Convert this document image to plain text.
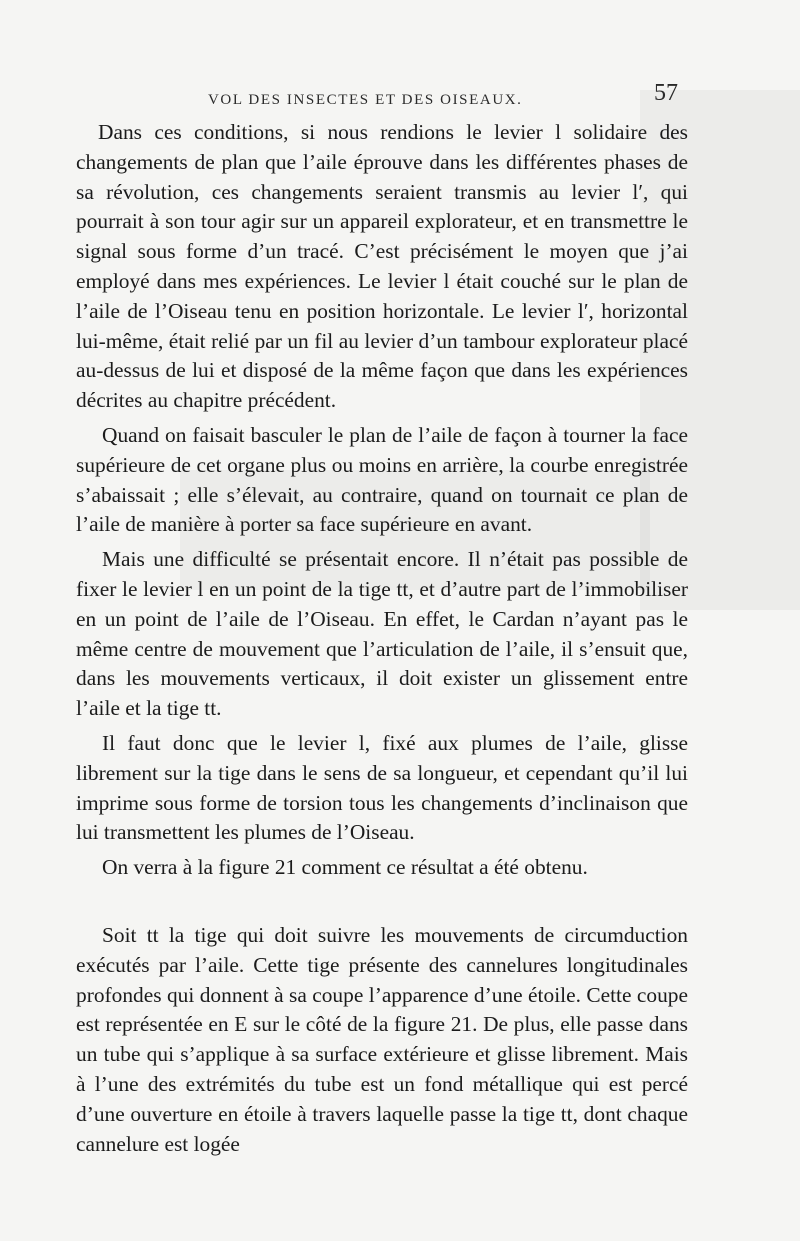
VOL DES INSECTES ET DES OISEAUX.	57

Dans ces conditions, si nous rendions le levier l solidaire des changements de plan que l’aile éprouve dans les différentes phases de sa révolution, ces changements seraient transmis au levier l′, qui pourrait à son tour agir sur un appareil explorateur, et en transmettre le signal sous forme d’un tracé. C’est précisément le moyen que j’ai employé dans mes expériences. Le levier l était couché sur le plan de l’aile de l’Oiseau tenu en position horizontale. Le levier l′, horizontal lui-même, était relié par un fil au levier d’un tambour explorateur placé au-dessus de lui et disposé de la même façon que dans les expériences décrites au chapitre précédent.

Quand on faisait basculer le plan de l’aile de façon à tourner la face supérieure de cet organe plus ou moins en arrière, la courbe enregistrée s’abaissait ; elle s’élevait, au contraire, quand on tournait ce plan de l’aile de manière à porter sa face supérieure en avant.

Mais une difficulté se présentait encore. Il n’était pas possible de fixer le levier l en un point de la tige tt, et d’autre part de l’immobiliser en un point de l’aile de l’Oiseau. En effet, le Cardan n’ayant pas le même centre de mouvement que l’articulation de l’aile, il s’ensuit que, dans les mouvements verticaux, il doit exister un glissement entre l’aile et la tige tt.

Il faut donc que le levier l, fixé aux plumes de l’aile, glisse librement sur la tige dans le sens de sa longueur, et cependant qu’il lui imprime sous forme de torsion tous les changements d’inclinaison que lui transmettent les plumes de l’Oiseau.

On verra à la figure 21 comment ce résultat a été obtenu.

Soit tt la tige qui doit suivre les mouvements de circumduction exécutés par l’aile. Cette tige présente des cannelures longitudinales profondes qui donnent à sa coupe l’apparence d’une étoile. Cette coupe est représentée en E sur le côté de la figure 21. De plus, elle passe dans un tube qui s’applique à sa surface extérieure et glisse librement. Mais à l’une des extrémités du tube est un fond métallique qui est percé d’une ouverture en étoile à travers laquelle passe la tige tt, dont chaque cannelure est logée
